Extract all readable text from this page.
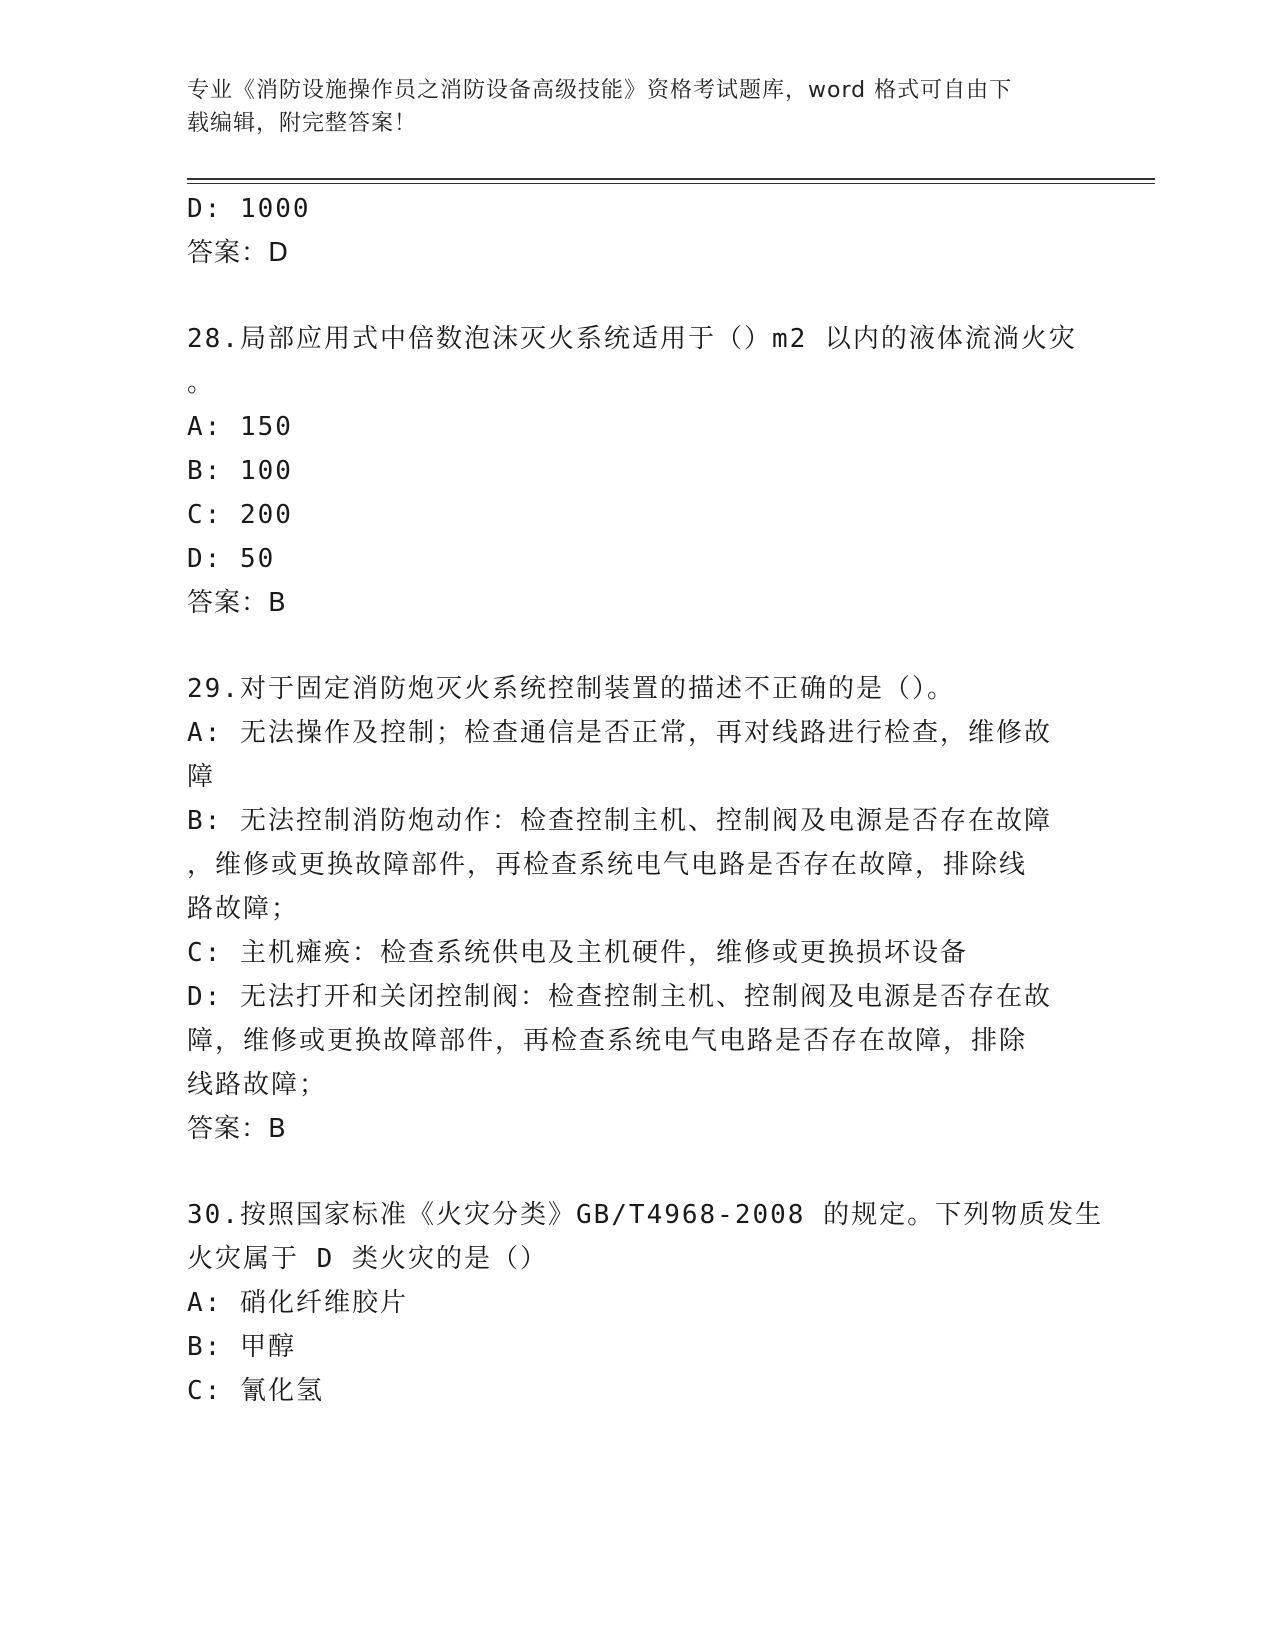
专业《消防设施操作员之消防设备高级技能》资格考试题库，word 格式可自由下
载编辑，附完整答案！
D: 1000
答案：D
28.局部应用式中倍数泡沫灭火系统适用于（）m2 以内的液体流淌火灾
。
A: 150
B: 100
C: 200
D: 50
答案：B
29.对于固定消防炮灭火系统控制装置的描述不正确的是（）。
A: 无法操作及控制；检查通信是否正常，再对线路进行检查，维修故
障
B: 无法控制消防炮动作：检查控制主机、控制阀及电源是否存在故障
，维修或更换故障部件，再检查系统电气电路是否存在故障，排除线
路故障；
C: 主机瘫痪：检查系统供电及主机硬件，维修或更换损坏设备
D: 无法打开和关闭控制阀：检查控制主机、控制阀及电源是否存在故
障，维修或更换故障部件，再检查系统电气电路是否存在故障，排除
线路故障；
答案：B
30.按照国家标准《火灾分类》GB/T4968-2008 的规定。下列物质发生
火灾属于 D 类火灾的是（）
A: 硝化纤维胶片
B: 甲醇
C: 氰化氢
